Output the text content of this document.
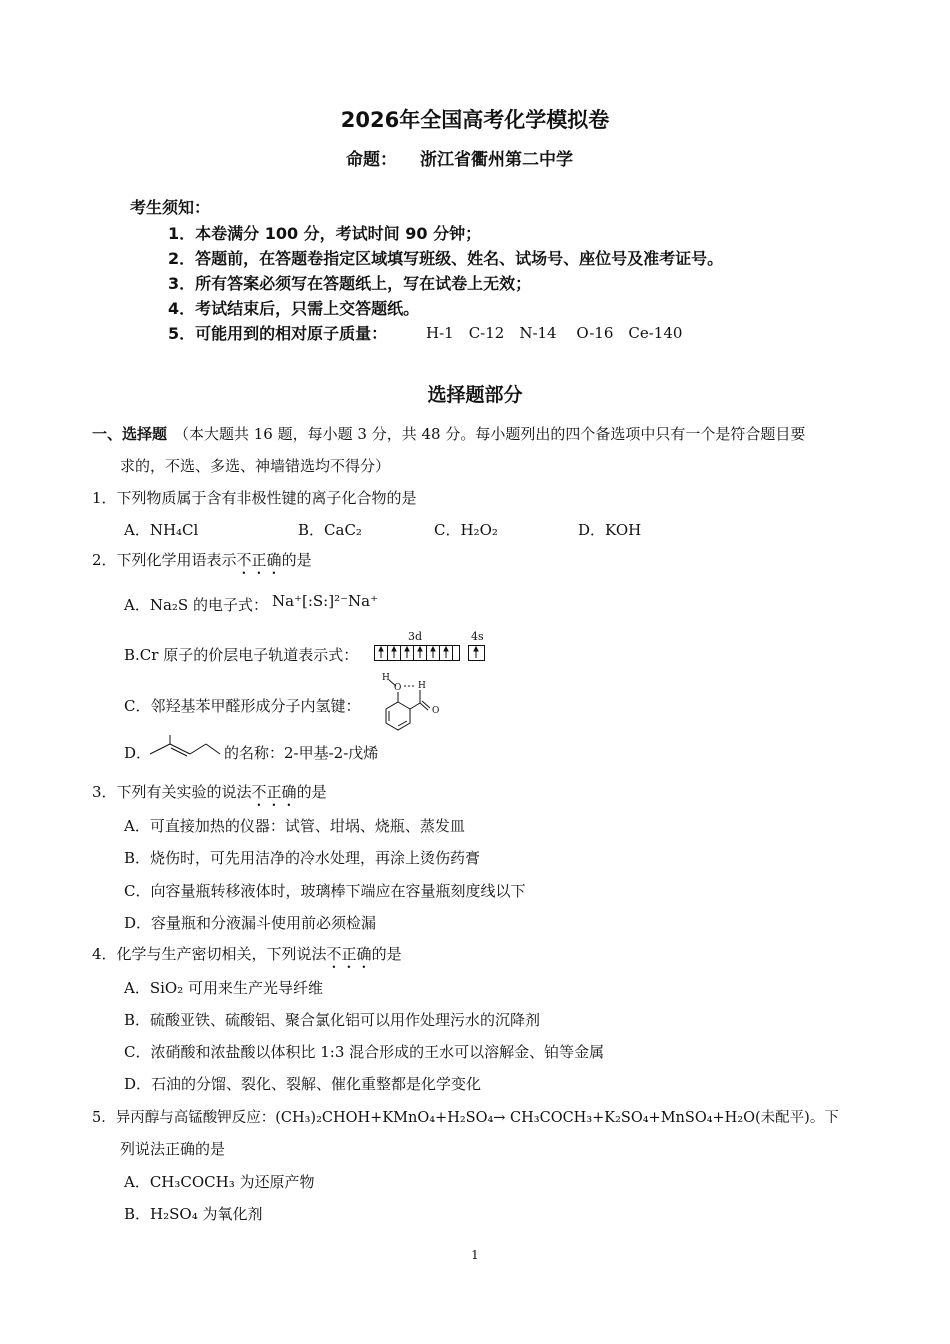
2026年全国高考化学模拟卷
命题： 浙江省衢州第二中学
考生须知：
1．本卷满分 100 分，考试时间 90 分钟；
2．答题前，在答题卷指定区域填写班级、姓名、试场号、座位号及准考证号。
3．所有答案必须写在答题纸上，写在试卷上无效；
4．考试结束后，只需上交答题纸。
5．可能用到的相对原子质量：	H-1　C-12　N-14　 O-16　Ce-140
选择题部分
一、选择题 （本大题共 16 题，每小题 3 分，共 48 分。每小题列出的四个备选项中只有一个是符合题目要
求的，不选、多选、神墙错选均不得分）
1．下列物质属于含有非极性键的离子化合物的是
A．NH₄Cl	B．CaC₂	C．H₂O₂	D．KOH
2．下列化学用语表示不正确的是
A．Na₂S 的电子式： Na⁺[:S:]²⁻Na⁺
B.Cr 原子的价层电子轨道表示式：
3d	4s
C．邻羟基苯甲醛形成分子内氢键：
H
O H
O
D．	的名称：2-甲基-2-戊烯
3．下列有关实验的说法不正确的是
A．可直接加热的仪器：试管、坩埚、烧瓶、蒸发皿
B．烧伤时，可先用洁净的冷水处理，再涂上烫伤药膏
C．向容量瓶转移液体时，玻璃棒下端应在容量瓶刻度线以下
D．容量瓶和分液漏斗使用前必须检漏
4．化学与生产密切相关，下列说法不正确的是
A．SiO₂ 可用来生产光导纤维
B．硫酸亚铁、硫酸铝、聚合氯化铝可以用作处理污水的沉降剂
C．浓硝酸和浓盐酸以体积比 1:3 混合形成的王水可以溶解金、铂等金属
D．石油的分馏、裂化、裂解、催化重整都是化学变化
5．异丙醇与高锰酸钾反应：(CH₃)₂CHOH+KMnO₄+H₂SO₄→ CH₃COCH₃+K₂SO₄+MnSO₄+H₂O(未配平)。下
列说法正确的是
A．CH₃COCH₃ 为还原产物
B．H₂SO₄ 为氧化剂
1
